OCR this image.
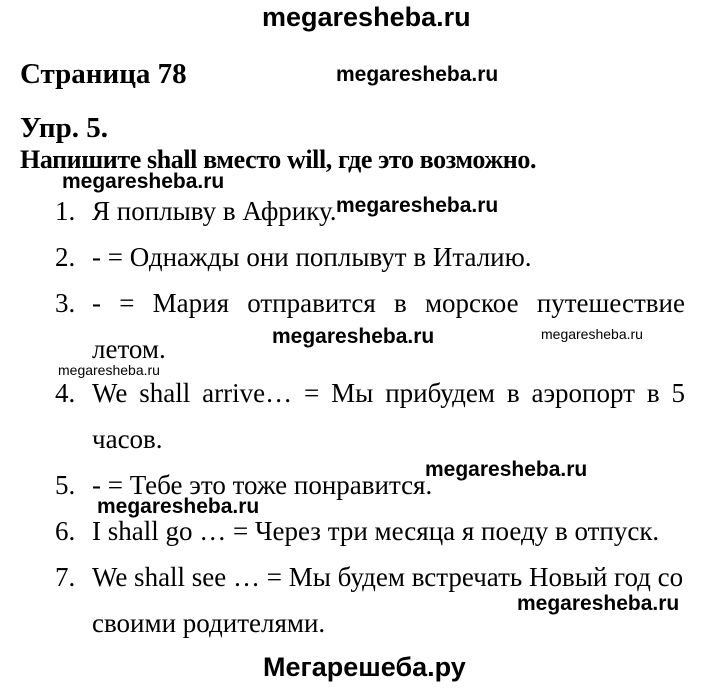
megaresheba.ru
megaresheba.ru
Страница 78
Упр. 5.
Напишите shall вместо will, где это возможно.
1. Я поплыву в Африку.
2. - = Однажды они поплывут в Италию.
3. - = Мария отправится в морское путешествие
летом.
4. We shall arrive… = Мы прибудем в аэропорт в 5
часов.
5. - = Тебе это тоже понравится.
6. I shall go … = Через три месяца я поеду в отпуск.
7. We shall see … = Мы будем встречать Новый год со
своими родителями.
megaresheba.ru
megaresheba.ru
megaresheba.ru	megaresheba.ru
megaresheba.ru
megaresheba.ru
megaresheba.ru
megaresheba.ru
Мегарешеба.ру
